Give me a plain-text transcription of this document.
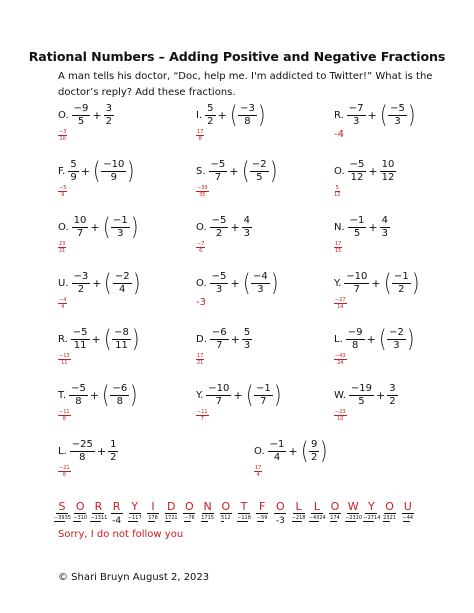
Rational Numbers – Adding Positive and Negative Fractions
A man tells his doctor, “Doc, help me. I'm addicted to Twitter!” What is the doctor’s reply? Add these fractions.
O. $\frac{-9}{5} + \frac{3}{2}$
$\frac{-3}{10}$
I. $\frac{5}{2}$ + ( $\frac{-3}{8}$ )
$\frac{17}{8}$
R. $\frac{-7}{3}$ + ( $\frac{-5}{3}$ )
-4
F. $\frac{5}{9}$ + ( $\frac{-10}{9}$ )
$\frac{-5}{9}$
S. $\frac{-5}{7}$ + ( $\frac{-2}{5}$ )
$\frac{-39}{35}$
O. $\frac{-5}{12} + \frac{10}{12}$
$\frac{5}{12}$
O. $\frac{10}{7}$ + ( $\frac{-1}{3}$ )
$\frac{23}{21}$
O. $\frac{-5}{2} + \frac{4}{3}$
$\frac{-7}{6}$
N. $\frac{-1}{5} + \frac{4}{3}$
$\frac{17}{15}$
U. $\frac{-3}{2}$ + ( $\frac{-2}{4}$ )
$\frac{-4}{4}$
O. $\frac{-5}{3}$ + ( $\frac{-4}{3}$ )
-3
Y. $\frac{-10}{7}$ + ( $\frac{-1}{2}$ )
$\frac{-27}{14}$
R. $\frac{-5}{11}$ + ( $\frac{-8}{11}$ )
$\frac{-13}{11}$
D. $\frac{-6}{7} + \frac{5}{3}$
$\frac{17}{21}$
L. $\frac{-9}{8}$ + ( $\frac{-2}{3}$ )
$\frac{-43}{24}$
T. $\frac{-5}{8}$ + ( $\frac{-6}{8}$ )
$\frac{-11}{8}$
Y. $\frac{-10}{7}$ + ( $\frac{-1}{7}$ )
$\frac{-11}{7}$
W. $\frac{-19}{5} + \frac{3}{2}$
$\frac{-23}{10}$
L. $\frac{-25}{8} + \frac{1}{2}$
$\frac{-21}{8}$
O. $\frac{-1}{4}$ + ( $\frac{9}{2}$ )
$\frac{17}{4}$
S
−3935
O
−310
R
−1311
R
-4
Y
−117
I
178
D
1721
O
−76
N
1715
O
512
T
−118
F
−59
O
-3
L
−218
L
−4324
O
174
W
−2310
Y
−2714
O
2321
U
−44
Sorry, I do not follow you
© Shari Bruyn August 2, 2023
